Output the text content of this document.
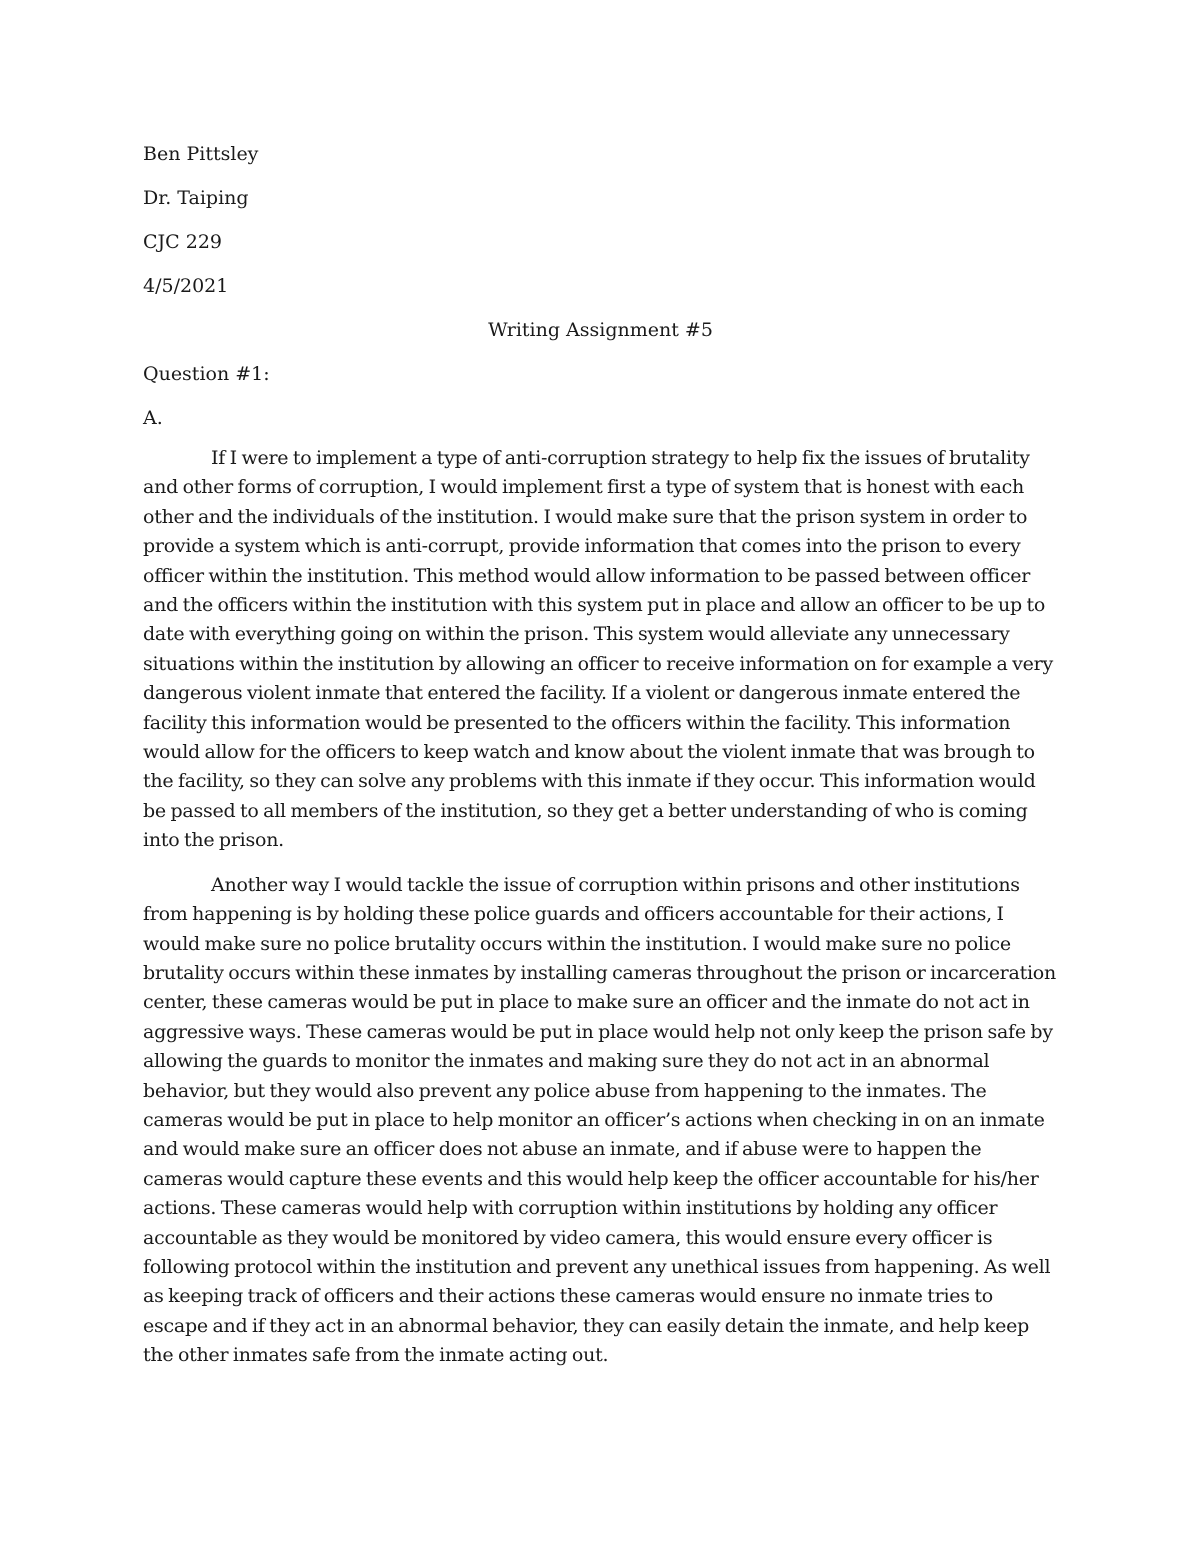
Ben Pittsley

Dr. Taiping

CJC 229

4/5/2021

Writing Assignment #5

Question #1:

A.

If I were to implement a type of anti-corruption strategy to help fix the issues of brutality and other forms of corruption, I would implement first a type of system that is honest with each other and the individuals of the institution. I would make sure that the prison system in order to provide a system which is anti-corrupt, provide information that comes into the prison to every officer within the institution. This method would allow information to be passed between officer and the officers within the institution with this system put in place and allow an officer to be up to date with everything going on within the prison. This system would alleviate any unnecessary situations within the institution by allowing an officer to receive information on for example a very dangerous violent inmate that entered the facility. If a violent or dangerous inmate entered the facility this information would be presented to the officers within the facility. This information would allow for the officers to keep watch and know about the violent inmate that was brough to the facility, so they can solve any problems with this inmate if they occur. This information would be passed to all members of the institution, so they get a better understanding of who is coming into the prison.

Another way I would tackle the issue of corruption within prisons and other institutions from happening is by holding these police guards and officers accountable for their actions, I would make sure no police brutality occurs within the institution. I would make sure no police brutality occurs within these inmates by installing cameras throughout the prison or incarceration center, these cameras would be put in place to make sure an officer and the inmate do not act in aggressive ways. These cameras would be put in place would help not only keep the prison safe by allowing the guards to monitor the inmates and making sure they do not act in an abnormal behavior, but they would also prevent any police abuse from happening to the inmates. The cameras would be put in place to help monitor an officer’s actions when checking in on an inmate and would make sure an officer does not abuse an inmate, and if abuse were to happen the cameras would capture these events and this would help keep the officer accountable for his/her actions. These cameras would help with corruption within institutions by holding any officer accountable as they would be monitored by video camera, this would ensure every officer is following protocol within the institution and prevent any unethical issues from happening. As well as keeping track of officers and their actions these cameras would ensure no inmate tries to escape and if they act in an abnormal behavior, they can easily detain the inmate, and help keep the other inmates safe from the inmate acting out.
